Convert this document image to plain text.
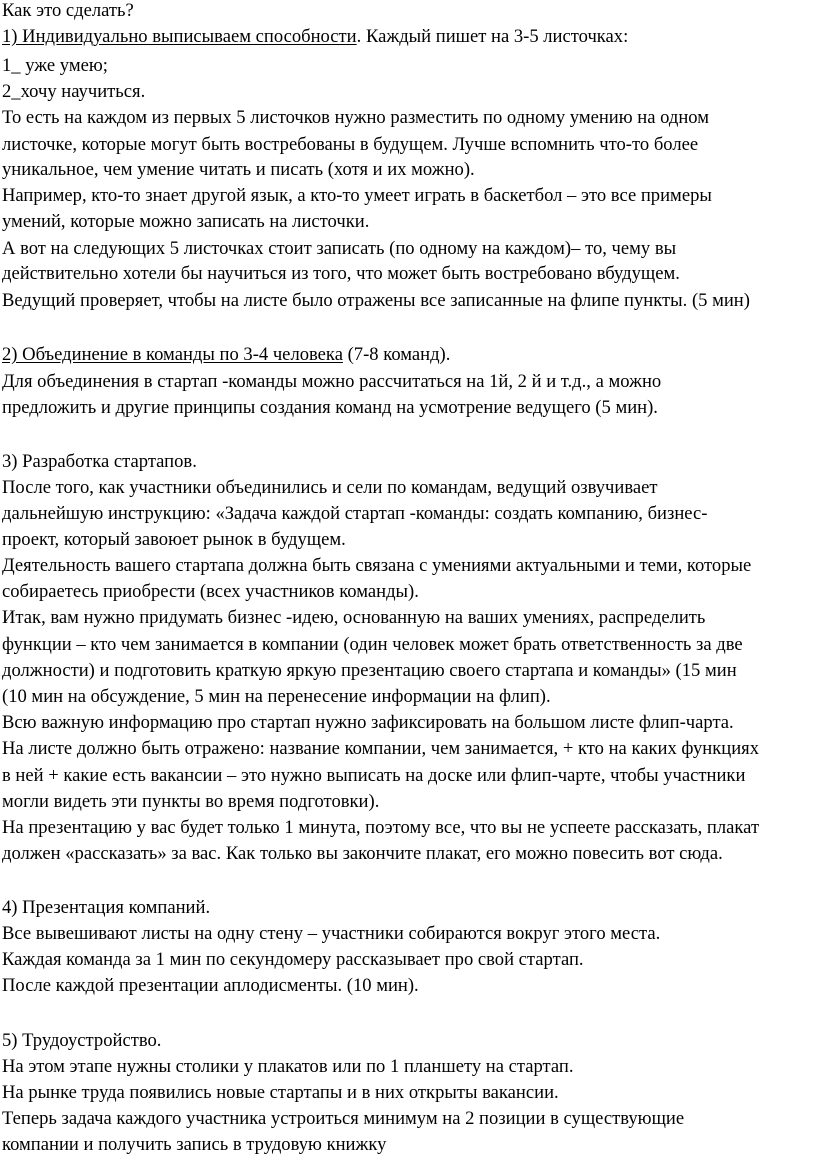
Как это сделать?
1) Индивидуально выписываем способности. Каждый пишет на 3-5 листочках:
1_ уже умею;
2_хочу научиться.
То есть на каждом из первых 5 листочков нужно разместить по одному умению на одном
листочке, которые могут быть востребованы в будущем. Лучше вспомнить что-то более
уникальное, чем умение читать и писать (хотя и их можно).
Например, кто-то знает другой язык, а кто-то умеет играть в баскетбол – это все примеры
умений, которые можно записать на листочки.
А вот на следующих 5 листочках стоит записать (по одному на каждом)– то, чему вы
действительно хотели бы научиться из того, что может быть востребовано вбудущем.
Ведущий проверяет, чтобы на листе было отражены все записанные на флипе пункты. (5 мин)
2) Объединение в команды по 3-4 человека (7-8 команд).
Для объединения в стартап -команды можно рассчитаться на 1й, 2 й и т.д., а можно
предложить и другие принципы создания команд на усмотрение ведущего (5 мин).
3) Разработка стартапов.
После того, как участники объединились и сели по командам, ведущий озвучивает
дальнейшую инструкцию: «Задача каждой стартап -команды: создать компанию, бизнес-
проект, который завоюет рынок в будущем.
Деятельность вашего стартапа должна быть связана с умениями актуальными и теми, которые
собираетесь приобрести (всех участников команды).
Итак, вам нужно придумать бизнес -идею, основанную на ваших умениях, распределить
функции – кто чем занимается в компании (один человек может брать ответственность за две
должности) и подготовить краткую яркую презентацию своего стартапа и команды» (15 мин
(10 мин на обсуждение, 5 мин на перенесение информации на флип).
Всю важную информацию про стартап нужно зафиксировать на большом листе флип-чарта.
На листе должно быть отражено: название компании, чем занимается, + кто на каких функциях
в ней + какие есть вакансии – это нужно выписать на доске или флип-чарте, чтобы участники
могли видеть эти пункты во время подготовки).
На презентацию у вас будет только 1 минута, поэтому все, что вы не успеете рассказать, плакат
должен «рассказать» за вас. Как только вы закончите плакат, его можно повесить вот сюда.
4) Презентация компаний.
Все вывешивают листы на одну стену – участники собираются вокруг этого места.
Каждая команда за 1 мин по секундомеру рассказывает про свой стартап.
После каждой презентации аплодисменты. (10 мин).
5) Трудоустройство.
На этом этапе нужны столики у плакатов или по 1 планшету на стартап.
На рынке труда появились новые стартапы и в них открыты вакансии.
Теперь задача каждого участника устроиться минимум на 2 позиции в существующие
компании и получить запись в трудовую книжку
